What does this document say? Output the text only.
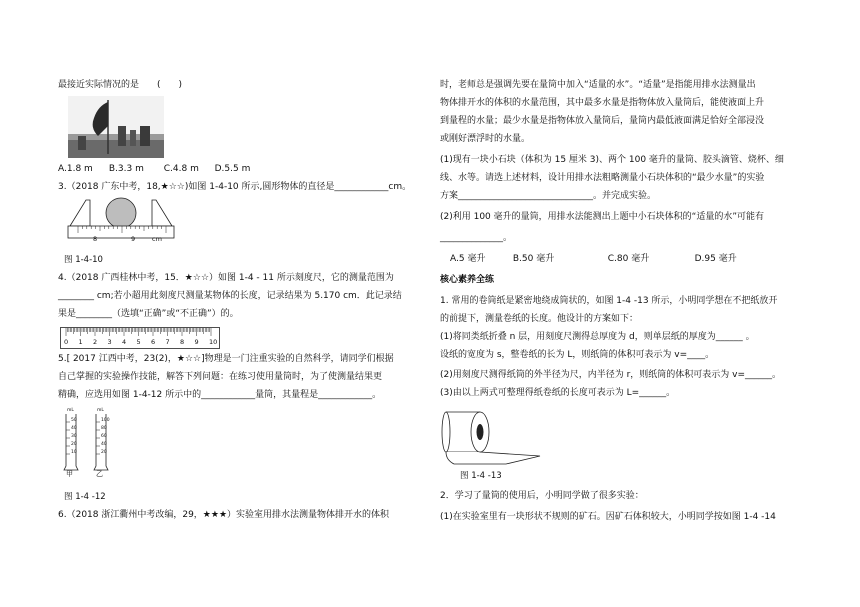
最接近实际情况的是　　(　　)
A.1.8 m B.3.3 m C.4.8 m D.5.5 m
3.（2018 广东中考，18,★☆☆)如图 1-4-10 所示,圆形物体的直径是____________cm。
8	9	cm
图 1-4-10
4.（2018 广西桂林中考，15．★☆☆）如图 1-4 - 11 所示刻度尺，它的测量范围为
________ cm;若小超用此刻度尺测量某物体的长度，记录结果为 5.170 cm．此记录结
果是________（选填“正确”或“不正确”）的。
0 1 2 3 4 5 6 7 8 9 10
5.[ 2017 江西中考，23(2)，★☆☆]物理是一门注重实验的自然科学，请同学们根据
自己掌握的实验操作技能，解答下列问题：在练习使用量筒时，为了使测量结果更
精确，应选用如图 1-4-12 所示中的____________量筒，其量程是____________。
mL	mL
50
40
30
20
10
100
80
60
40
20
甲	乙
图 1-4 -12
6.（2018 浙江衢州中考改编，29，★★★）实验室用排水法测量物体排开水的体积
时，老师总是强调先要在量筒中加入“适量的水”。“适量”是指能用排水法测量出
物体排开水的体积的水量范围，其中最多水量是指物体放入量筒后，能使液面上升
到量程的水量；最少水量是指物体放入量筒后，量筒内最低液面满足恰好全部浸没
或刚好漂浮时的水量。
(1)现有一块小石块（体积为 15 厘米 3)、两个 100 毫升的量筒、胶头滴管、烧杯、细
线、水等。请选上述材料，设计用排水法粗略测量小石块体积的“最少水量”的实验
方案______________________________。并完成实验。
(2)利用 100 毫升的量筒，用排水法能测出上题中小石块体积的“适量的水”可能有
______________。
A.5 毫升	B.50 毫升	C.80 毫升	D.95 毫升
核心素养全练
1. 常用的卷筒纸是紧密地绕成筒状的，如图 1-4 -13 所示，小明同学想在不把纸放开
的前提下，测量卷纸的长度。他设计的方案如下：
(1)将同类纸折叠 n 层，用刻度尺测得总厚度为 d，则单层纸的厚度为______ 。
设纸的宽度为 s，整卷纸的长为 L，则纸筒的体积可表示为 v=____。
(2)用刻度尺测得纸筒的外半径为尺，内半径为 r，则纸筒的体积可表示为 v=______。
(3)由以上两式可整理得纸卷纸的长度可表示为 L=______。
图 1-4 -13
2．学习了量筒的使用后，小明同学做了很多实验：
(1)在实验室里有一块形状不规则的矿石。因矿石体积较大，小明同学按如图 1-4 -14
